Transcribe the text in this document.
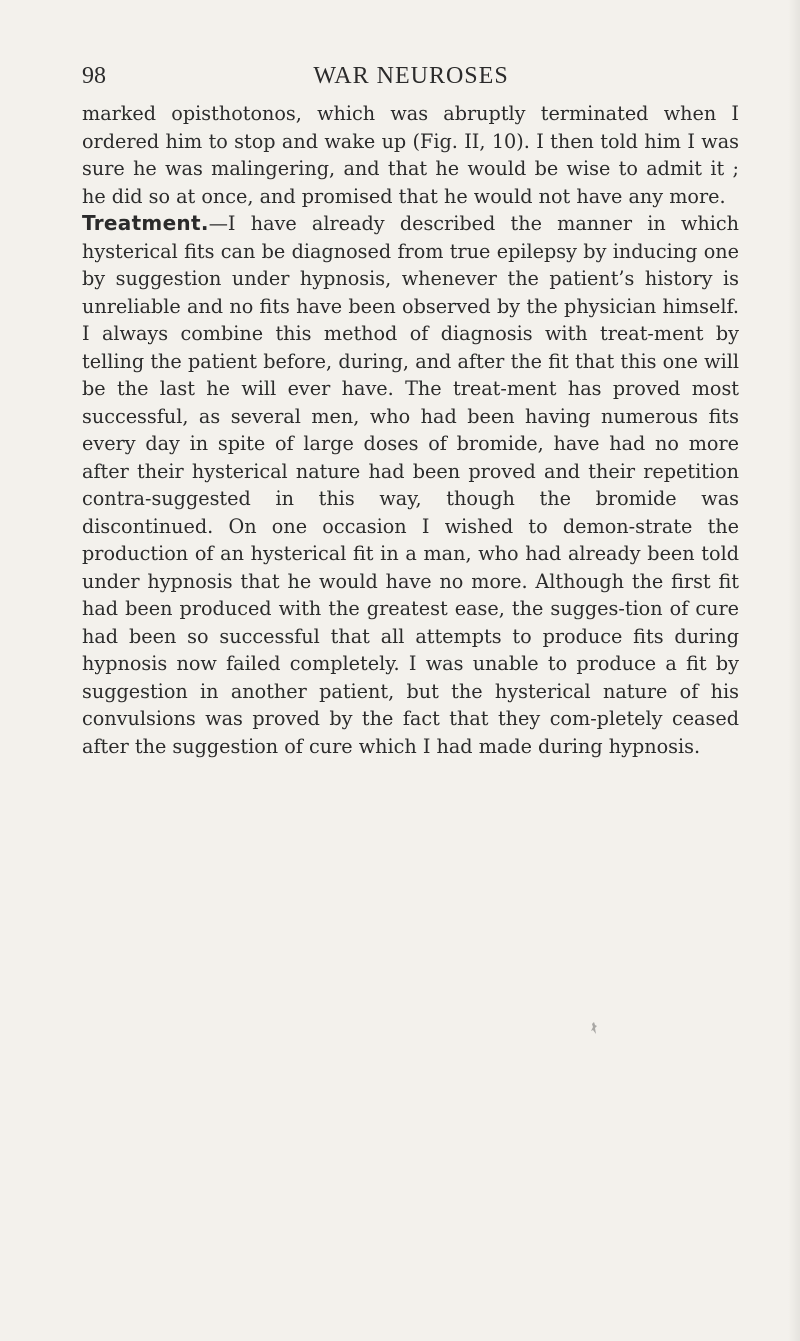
98	WAR NEUROSES

marked opisthotonos, which was abruptly terminated when I ordered him to stop and wake up (Fig. II, 10). I then told him I was sure he was malingering, and that he would be wise to admit it ; he did so at once, and promised that he would not have any more.

Treatment.—I have already described the manner in which hysterical fits can be diagnosed from true epilepsy by inducing one by suggestion under hypnosis, whenever the patient’s history is unreliable and no fits have been observed by the physician himself. I always combine this method of diagnosis with treat-ment by telling the patient before, during, and after the fit that this one will be the last he will ever have. The treat-ment has proved most successful, as several men, who had been having numerous fits every day in spite of large doses of bromide, have had no more after their hysterical nature had been proved and their repetition contra-suggested in this way, though the bromide was discontinued. On one occasion I wished to demon-strate the production of an hysterical fit in a man, who had already been told under hypnosis that he would have no more. Although the first fit had been produced with the greatest ease, the sugges-tion of cure had been so successful that all attempts to produce fits during hypnosis now failed completely. I was unable to produce a fit by suggestion in another patient, but the hysterical nature of his convulsions was proved by the fact that they com-pletely ceased after the suggestion of cure which I had made during hypnosis.
